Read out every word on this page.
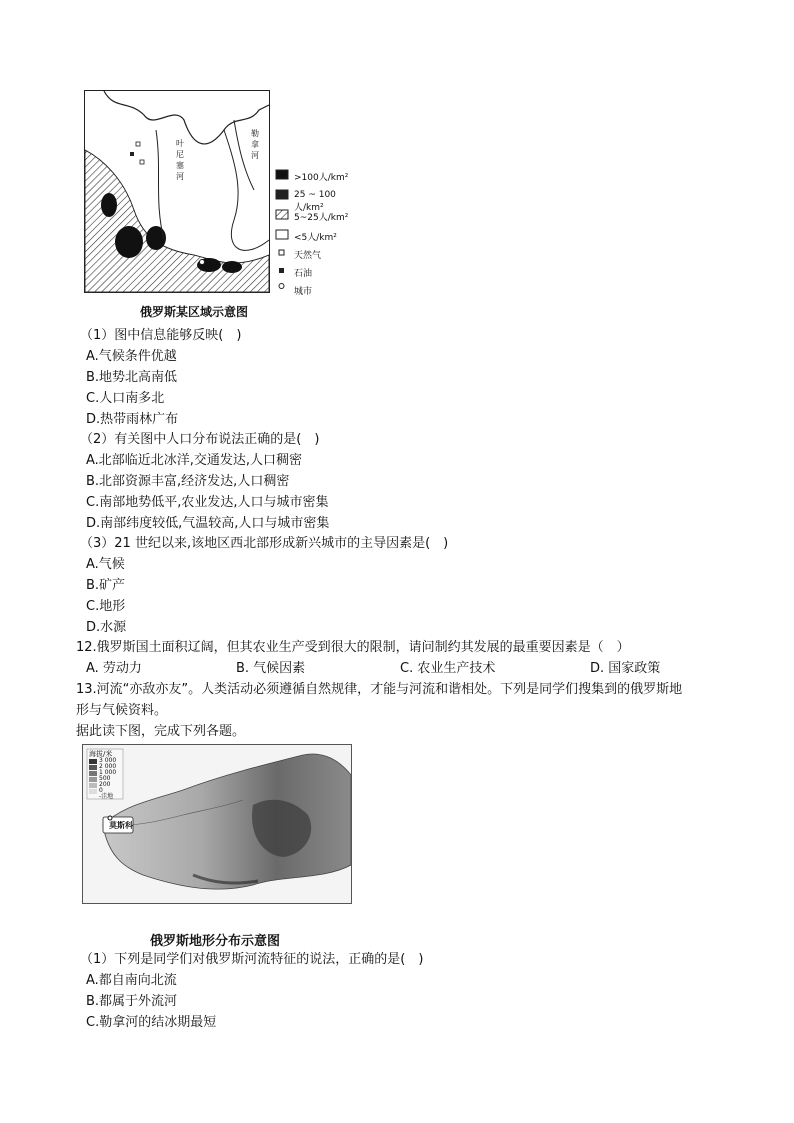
叶
尼
塞
河
勒
拿
河
>100人/km²
25 ~ 100人/km²
5~25人/km²
<5人/km²
天然气
石油
城市
俄罗斯某区域示意图
（1）图中信息能够反映(　)
A.气候条件优越
B.地势北高南低
C.人口南多北
D.热带雨林广布
（2）有关图中人口分布说法正确的是(　)
A.北部临近北冰洋,交通发达,人口稠密
B.北部资源丰富,经济发达,人口稠密
C.南部地势低平,农业发达,人口与城市密集
D.南部纬度较低,气温较高,人口与城市密集
（3）21 世纪以来,该地区西北部形成新兴城市的主导因素是(　)
A.气候
B.矿产
C.地形
D.水源
12.俄罗斯国土面积辽阔，但其农业生产受到很大的限制，请问制约其发展的最重要因素是（　）
A. 劳动力	B. 气候因素	C. 农业生产技术	D. 国家政策
13.河流“亦敌亦友”。人类活动必须遵循自然规律，才能与河流和谐相处。下列是同学们搜集到的俄罗斯地
形与气候资料。
据此读下图，完成下列各题。
海拔/米
3 000
2 000
1 000
500
200
0
-洼地
莫斯科
俄罗斯地形分布示意图
（1）下列是同学们对俄罗斯河流特征的说法，正确的是(　)
A.都自南向北流
B.都属于外流河
C.勒拿河的结冰期最短
